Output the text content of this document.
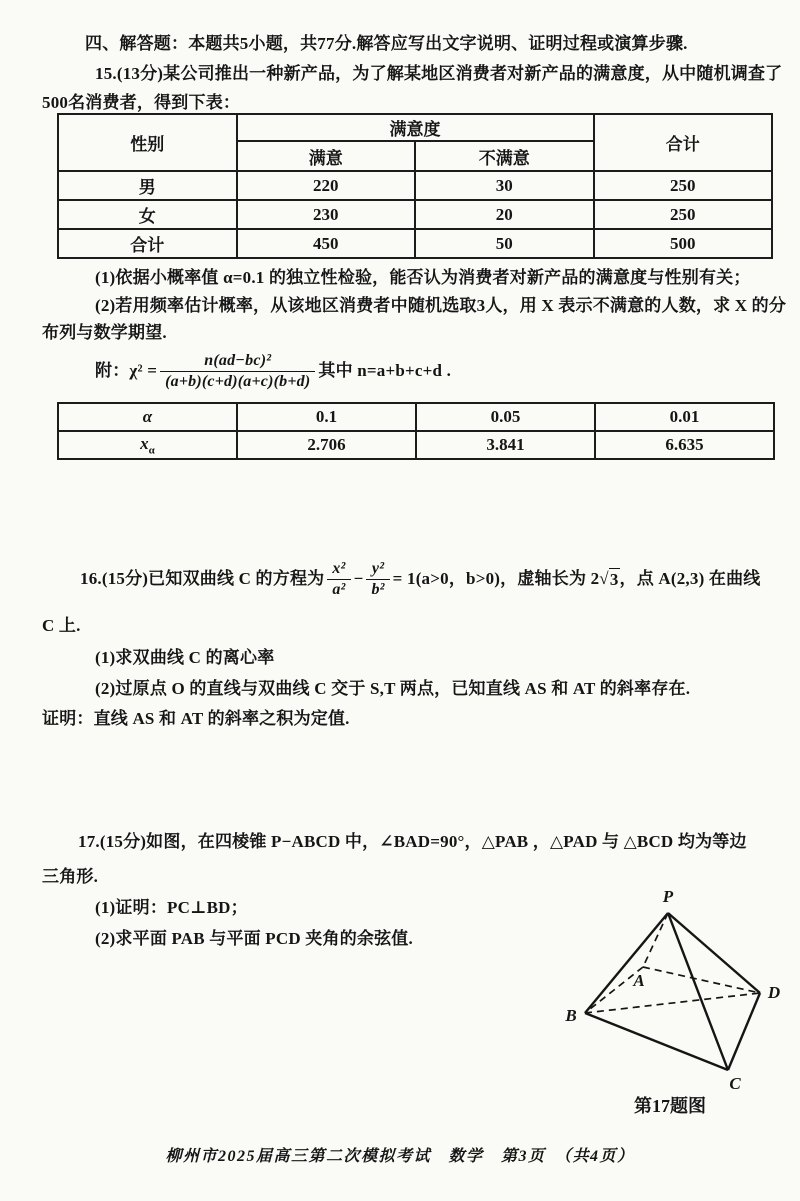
四、解答题：本题共5小题，共77分.解答应写出文字说明、证明过程或演算步骤.
15.(13分)某公司推出一种新产品，为了解某地区消费者对新产品的满意度，从中随机调查了
500名消费者，得到下表：
性别	满意度		合计
	满意	不满意	
男	220	30	250
女	230	20	250
合计	450	50	500
(1)依据小概率值 α=0.1 的独立性检验，能否认为消费者对新产品的满意度与性别有关；
(2)若用频率估计概率，从该地区消费者中随机选取3人，用 X 表示不满意的人数，求 X 的分
布列与数学期望.
附：$\chi^2 = \frac{\text{n(ad−bc)²}}{(a+b)(c+d)(a+c)(b+d)}$ 其中 n=a+b+c+d .
α	0.1	0.05	0.01
$x_\alpha$	2.706	3.841	6.635
16.(15分)已知双曲线 C 的方程为 $\frac{\text{x²}}{\text{a²}} - \frac{\text{y²}}{\text{b²}} = 1(a>0$，b>0)，虚轴长为 2 √ 3 ，点 A(2,3) 在曲线
C 上.
(1)求双曲线 C 的离心率
(2)过原点 O 的直线与双曲线 C 交于 S,T 两点，已知直线 AS 和 AT 的斜率存在.
证明：直线 AS 和 AT 的斜率之积为定值.
17.(15分)如图，在四棱锥 P−ABCD 中，∠BAD=90°，△PAB ，△PAD 与 △BCD 均为等边
三角形.
(1)证明：PC⊥BD；
(2)求平面 PAB 与平面 PCD 夹角的余弦值.
P
A
B
D
C
第17题图
柳州市2025届高三第二次模拟考试　数学　第3页　（共4页）
